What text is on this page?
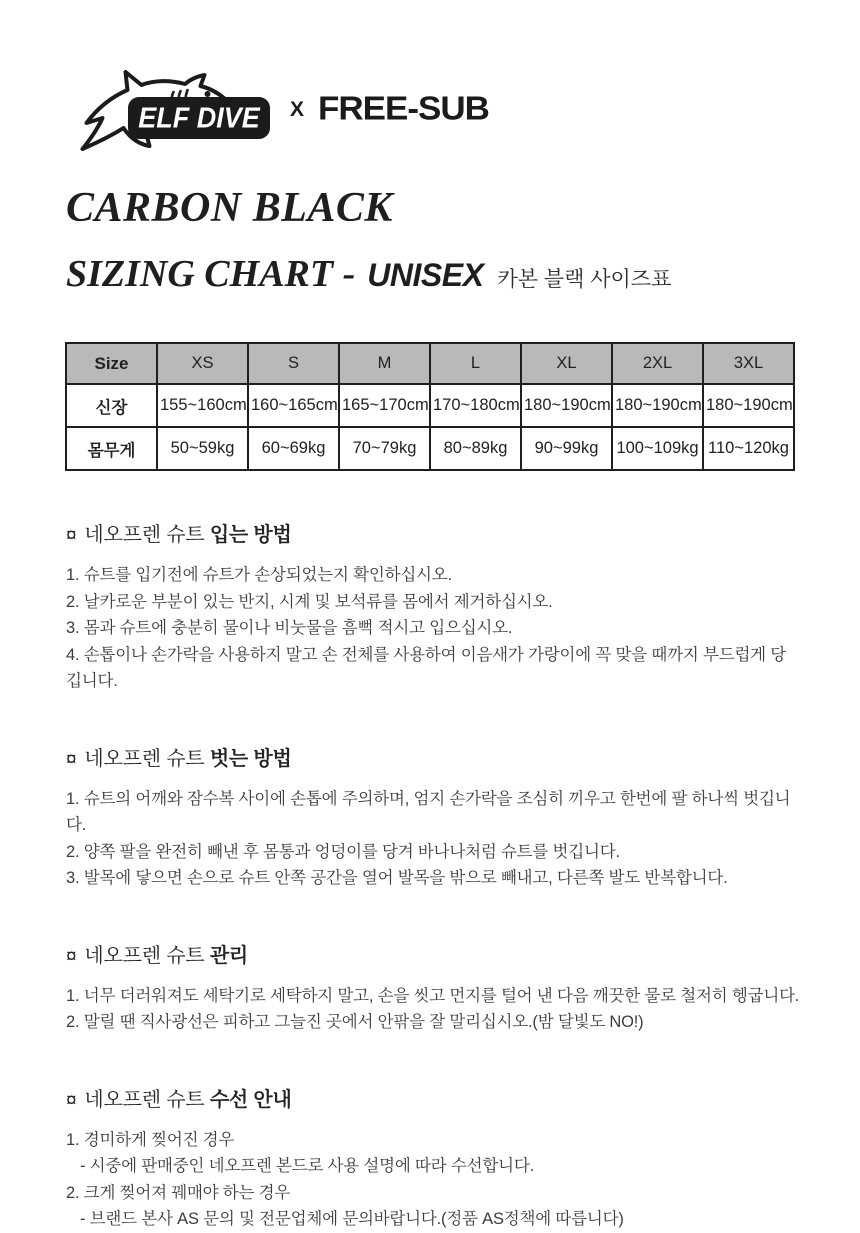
ELF DIVE X FREE-SUB
CARBON BLACK
SIZING CHART - UNISEX 카본 블랙 사이즈표
Size	XS	S	M	L	XL	2XL	3XL
신장	155~160cm	160~165cm	165~170cm	170~180cm	180~190cm	180~190cm	180~190cm
몸무게	50~59kg	60~69kg	70~79kg	80~89kg	90~99kg	100~109kg	110~120kg
¤ 네오프렌 슈트 입는 방법

1. 슈트를 입기전에 슈트가 손상되었는지 확인하십시오.

2. 날카로운 부분이 있는 반지, 시계 및 보석류를 몸에서 제거하십시오.

3. 몸과 슈트에 충분히 물이나 비눗물을 흠뻑 적시고 입으십시오.

4. 손톱이나 손가락을 사용하지 말고 손 전체를 사용하여 이음새가 가랑이에 꼭 맞을 때까지 부드럽게 당깁니다.

¤ 네오프렌 슈트 벗는 방법

1. 슈트의 어깨와 잠수복 사이에 손톱에 주의하며, 엄지 손가락을 조심히 끼우고 한번에 팔 하나씩 벗깁니다.

2. 양쪽 팔을 완전히 빼낸 후 몸통과 엉덩이를 당겨 바나나처럼 슈트를 벗깁니다.

3. 발목에 닿으면 손으로 슈트 안쪽 공간을 열어 발목을 밖으로 빼내고, 다른쪽 발도 반복합니다.

¤ 네오프렌 슈트 관리

1. 너무 더러워져도 세탁기로 세탁하지 말고, 손을 씻고 먼지를 털어 낸 다음 깨끗한 물로 철저히 헹굽니다.

2. 말릴 땐 직사광선은 피하고 그늘진 곳에서 안팎을 잘 말리십시오.(밤 달빛도 NO!)

¤ 네오프렌 슈트 수선 안내

1. 경미하게 찢어진 경우

- 시중에 판매중인 네오프렌 본드로 사용 설명에 따라 수선합니다.

2. 크게 찢어져 꿰매야 하는 경우

- 브랜드 본사 AS 문의 및 전문업체에 문의바랍니다.(정품 AS정책에 따릅니다)
